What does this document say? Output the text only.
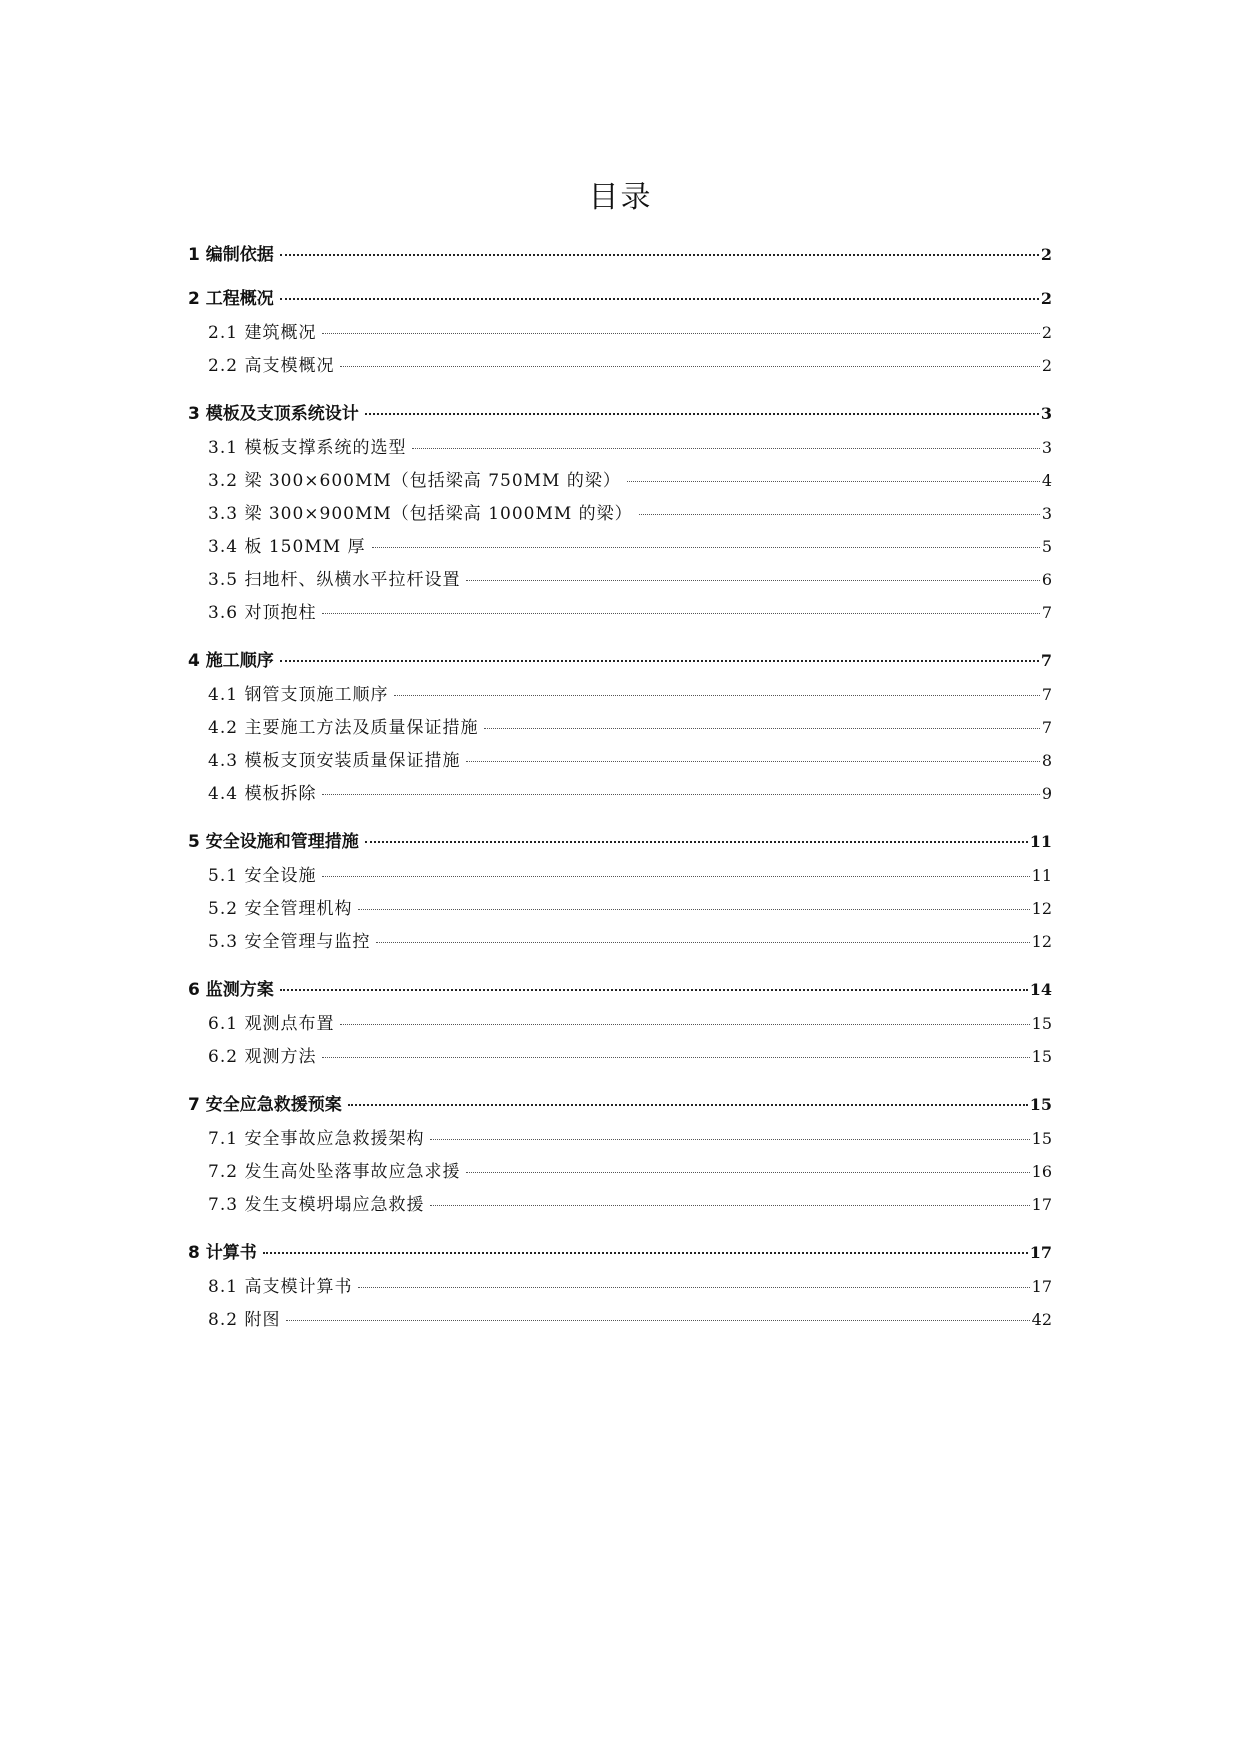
目录
1 编制依据	2
2 工程概况	2
2.1 建筑概况	2
2.2 高支模概况	2
3 模板及支顶系统设计	3
3.1 模板支撑系统的选型	3
3.2 梁 300×600MM（包括梁高 750MM 的梁）	4
3.3 梁 300×900MM（包括梁高 1000MM 的梁）	3
3.4 板 150MM 厚	5
3.5 扫地杆、纵横水平拉杆设置	6
3.6 对顶抱柱	7
4 施工顺序	7
4.1 钢管支顶施工顺序	7
4.2 主要施工方法及质量保证措施	7
4.3 模板支顶安装质量保证措施	8
4.4 模板拆除	9
5 安全设施和管理措施	11
5.1 安全设施	11
5.2 安全管理机构	12
5.3 安全管理与监控	12
6 监测方案	14
6.1 观测点布置	15
6.2 观测方法	15
7 安全应急救援预案	15
7.1 安全事故应急救援架构	15
7.2 发生高处坠落事故应急求援	16
7.3 发生支模坍塌应急救援	17
8 计算书	17
8.1 高支模计算书	17
8.2 附图	42
